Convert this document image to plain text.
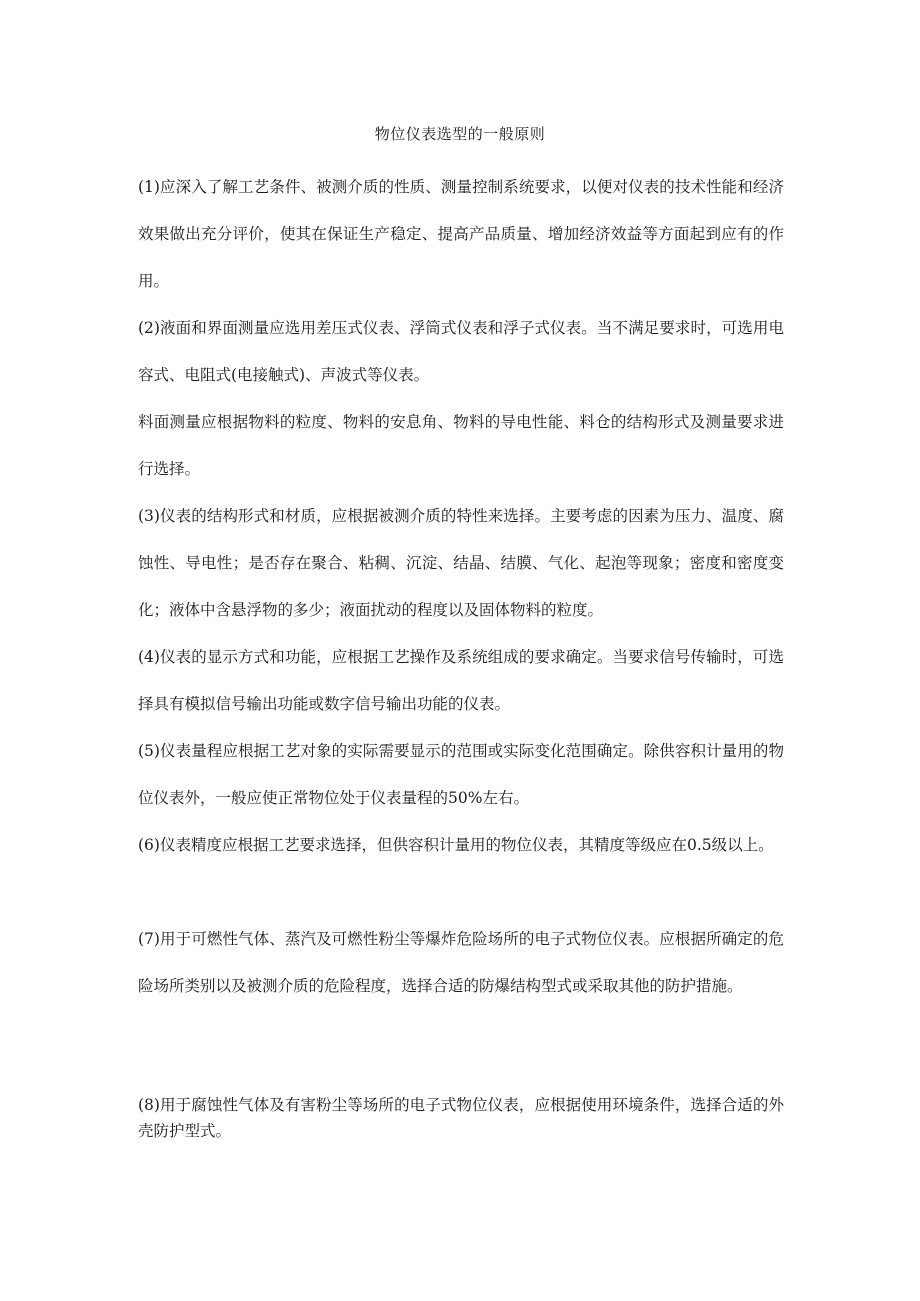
物位仪表选型的一般原则

(1)应深入了解工艺条件、被测介质的性质、测量控制系统要求，以便对仪表的技术性能和经济效果做出充分评价，使其在保证生产稳定、提高产品质量、增加经济效益等方面起到应有的作用。

(2)液面和界面测量应选用差压式仪表、浮筒式仪表和浮子式仪表。当不满足要求时，可选用电容式、电阻式(电接触式)、声波式等仪表。

料面测量应根据物料的粒度、物料的安息角、物料的导电性能、料仓的结构形式及测量要求进行选择。

(3)仪表的结构形式和材质，应根据被测介质的特性来选择。主要考虑的因素为压力、温度、腐蚀性、导电性；是否存在聚合、粘稠、沉淀、结晶、结膜、气化、起泡等现象；密度和密度变化；液体中含悬浮物的多少；液面扰动的程度以及固体物料的粒度。

(4)仪表的显示方式和功能，应根据工艺操作及系统组成的要求确定。当要求信号传输时，可选择具有模拟信号输出功能或数字信号输出功能的仪表。

(5)仪表量程应根据工艺对象的实际需要显示的范围或实际变化范围确定。除供容积计量用的物位仪表外，一般应使正常物位处于仪表量程的50%左右。

(6)仪表精度应根据工艺要求选择，但供容积计量用的物位仪表，其精度等级应在0.5级以上。

(7)用于可燃性气体、蒸汽及可燃性粉尘等爆炸危险场所的电子式物位仪表。应根据所确定的危险场所类别以及被测介质的危险程度，选择合适的防爆结构型式或采取其他的防护措施。

(8)用于腐蚀性气体及有害粉尘等场所的电子式物位仪表，应根据使用环境条件，选择合适的外壳防护型式。
